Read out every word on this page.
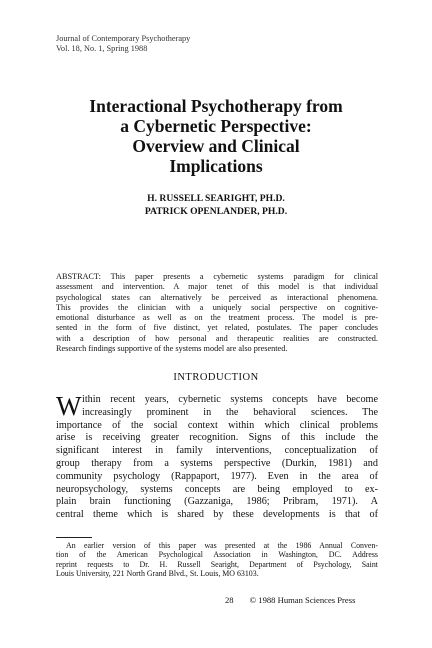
Journal of Contemporary Psychotherapy
Vol. 18, No. 1, Spring 1988
Interactional Psychotherapy from
a Cybernetic Perspective:
Overview and Clinical
Implications
H. RUSSELL SEARIGHT, PH.D.
PATRICK OPENLANDER, PH.D.
ABSTRACT: This paper presents a cybernetic systems paradigm for clinical
assessment and intervention. A major tenet of this model is that individual
psychological states can alternatively be perceived as interactional phenomena.
This provides the clinician with a uniquely social perspective on cognitive-
emotional disturbance as well as on the treatment process. The model is pre-
sented in the form of five distinct, yet related, postulates. The paper concludes
with a description of how personal and therapeutic realities are constructed.
Research findings supportive of the systems model are also presented.
INTRODUCTION
W ithin recent years, cybernetic systems concepts have become
increasingly prominent in the behavioral sciences. The
importance of the social context within which clinical problems
arise is receiving greater recognition. Signs of this include the
significant interest in family interventions, conceptualization of
group therapy from a systems perspective (Durkin, 1981) and
community psychology (Rappaport, 1977). Even in the area of
neuropsychology, systems concepts are being employed to ex-
plain brain functioning (Gazzaniga, 1986; Pribram, 1971). A
central theme which is shared by these developments is that of
An earlier version of this paper was presented at the 1986 Annual Conven-
tion of the American Psychological Association in Washington, DC. Address
reprint requests to Dr. H. Russell Searight, Department of Psychology, Saint
Louis University, 221 North Grand Blvd., St. Louis, MO 63103.
28 © 1988 Human Sciences Press
